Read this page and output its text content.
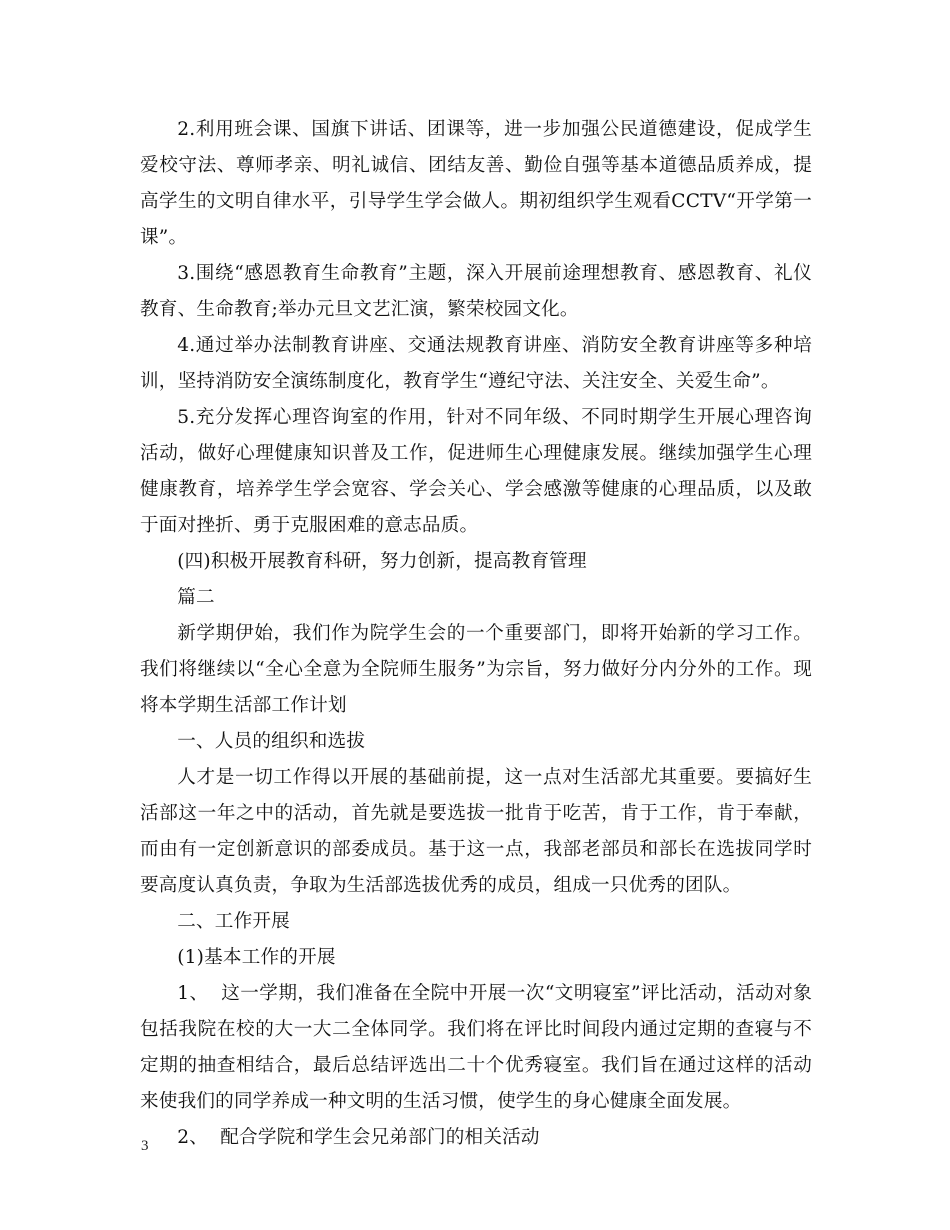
2.利用班会课、国旗下讲话、团课等，进一步加强公民道德建设，促成学生爱校守法、尊师孝亲、明礼诚信、团结友善、勤俭自强等基本道德品质养成，提高学生的文明自律水平，引导学生学会做人。期初组织学生观看CCTV“开学第一课”。

3.围绕“感恩教育生命教育”主题，深入开展前途理想教育、感恩教育、礼仪教育、生命教育;举办元旦文艺汇演，繁荣校园文化。

4.通过举办法制教育讲座、交通法规教育讲座、消防安全教育讲座等多种培训，坚持消防安全演练制度化，教育学生“遵纪守法、关注安全、关爱生命”。

5.充分发挥心理咨询室的作用，针对不同年级、不同时期学生开展心理咨询活动，做好心理健康知识普及工作，促进师生心理健康发展。继续加强学生心理健康教育，培养学生学会宽容、学会关心、学会感激等健康的心理品质，以及敢于面对挫折、勇于克服困难的意志品质。

(四)积极开展教育科研，努力创新，提高教育管理

篇二

新学期伊始，我们作为院学生会的一个重要部门，即将开始新的学习工作。我们将继续以“全心全意为全院师生服务”为宗旨，努力做好分内分外的工作。现将本学期生活部工作计划

一、人员的组织和选拔

人才是一切工作得以开展的基础前提，这一点对生活部尤其重要。要搞好生活部这一年之中的活动，首先就是要选拔一批肯于吃苦，肯于工作，肯于奉献，而由有一定创新意识的部委成员。基于这一点，我部老部员和部长在选拔同学时要高度认真负责，争取为生活部选拔优秀的成员，组成一只优秀的团队。

二、工作开展

(1)基本工作的开展

1、  这一学期，我们准备在全院中开展一次“文明寝室”评比活动，活动对象包括我院在校的大一大二全体同学。我们将在评比时间段内通过定期的查寝与不定期的抽查相结合，最后总结评选出二十个优秀寝室。我们旨在通过这样的活动来使我们的同学养成一种文明的生活习惯，使学生的身心健康全面发展。

2、  配合学院和学生会兄弟部门的相关活动

3
